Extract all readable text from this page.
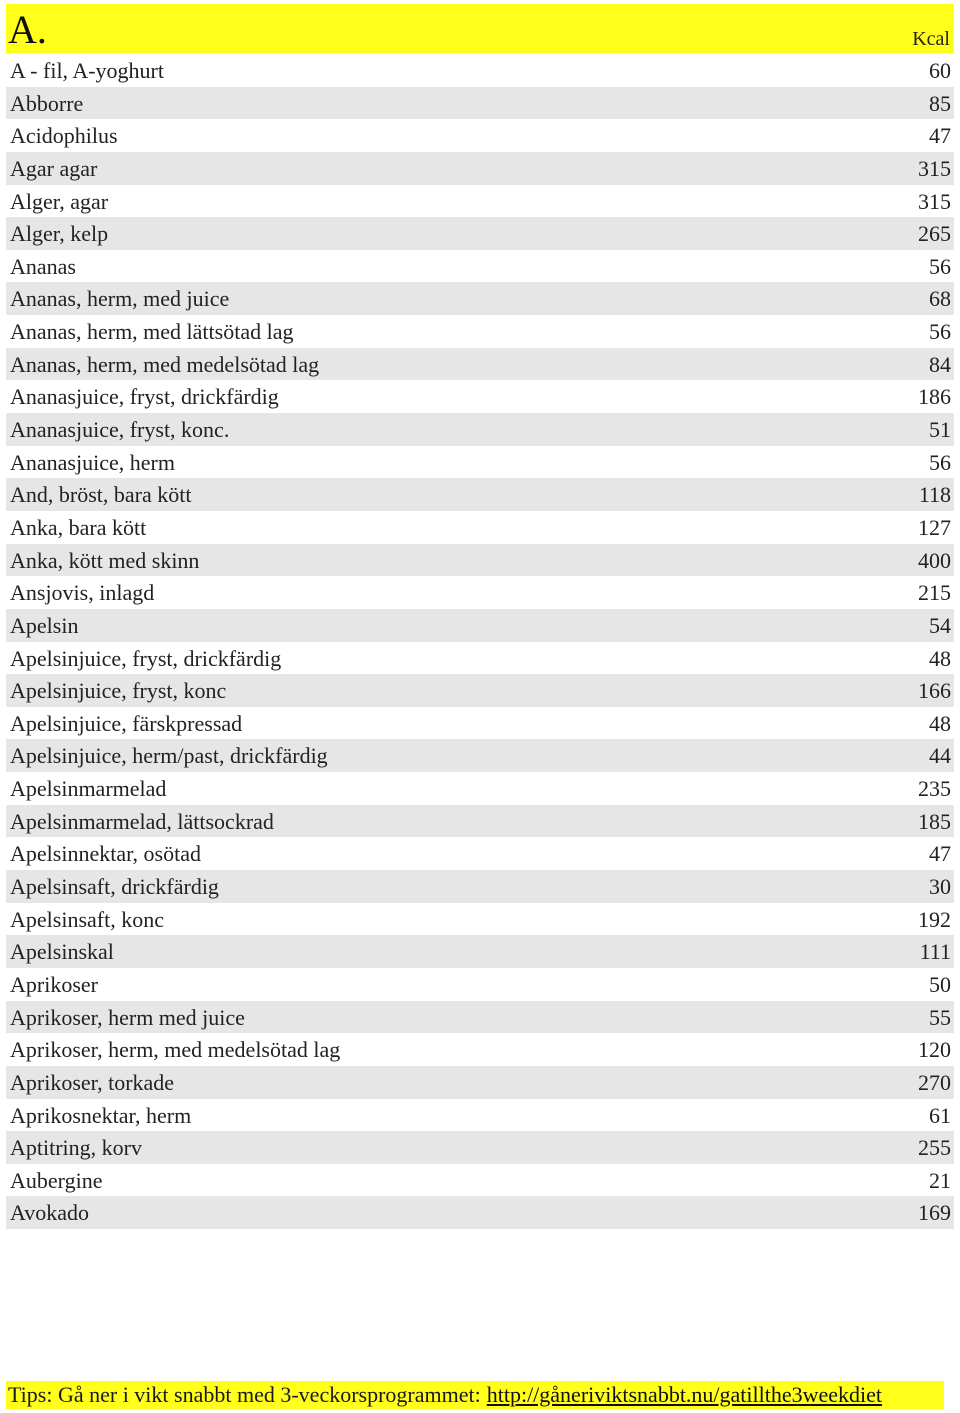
A.	Kcal
A - fil, A-yoghurt	60
Abborre	85
Acidophilus	47
Agar agar	315
Alger, agar	315
Alger, kelp	265
Ananas	56
Ananas, herm, med juice	68
Ananas, herm, med lättsötad lag	56
Ananas, herm, med medelsötad lag	84
Ananasjuice, fryst, drickfärdig	186
Ananasjuice, fryst, konc.	51
Ananasjuice, herm	56
And, bröst, bara kött	118
Anka, bara kött	127
Anka, kött med skinn	400
Ansjovis, inlagd	215
Apelsin	54
Apelsinjuice, fryst, drickfärdig	48
Apelsinjuice, fryst, konc	166
Apelsinjuice, färskpressad	48
Apelsinjuice, herm/past, drickfärdig	44
Apelsinmarmelad	235
Apelsinmarmelad, lättsockrad	185
Apelsinnektar, osötad	47
Apelsinsaft, drickfärdig	30
Apelsinsaft, konc	192
Apelsinskal	111
Aprikoser	50
Aprikoser, herm med juice	55
Aprikoser, herm, med medelsötad lag	120
Aprikoser, torkade	270
Aprikosnektar, herm	61
Aptitring, korv	255
Aubergine	21
Avokado	169
Tips: Gå ner i vikt snabbt med 3-veckorsprogrammet: http://gåneriviktsnabbt.nu/gatillthe3weekdiet
